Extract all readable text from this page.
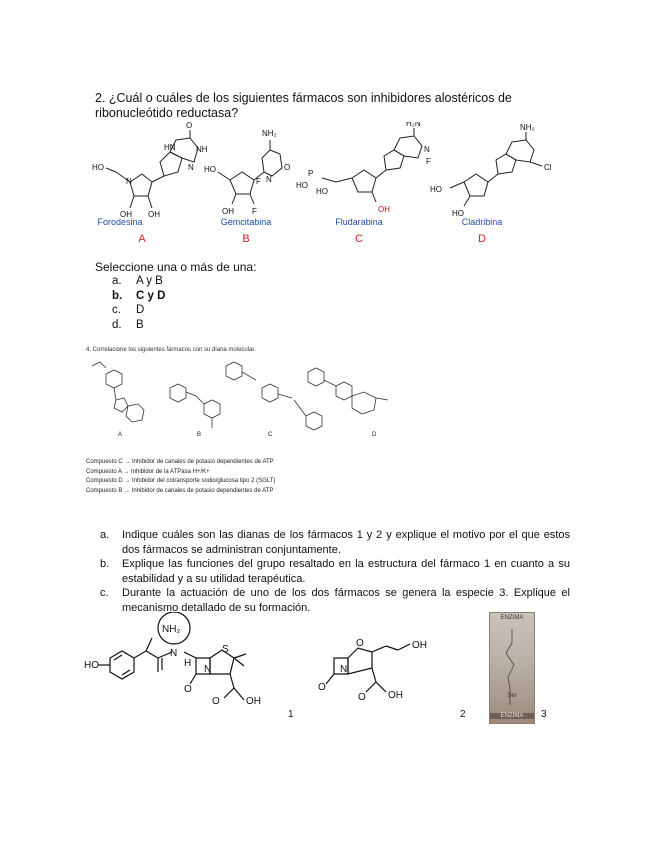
2. ¿Cuál o cuáles de los siguientes fármacos son inhibidores alostéricos de ribonucleótido reductasa?
HO
N
OH OH
HN	NH
O
N HO
OH F
F
NH₂
O
N
HO
P
HO
OH
H₂N
N
F
HO
HO
NH₂
Cl
Forodesina	Gemcitabina	Fludarabina	Cladribina
A	B	C	D
Seleccione una o más de una:
a.	A y B
b.	C y D
c.	D
d.	B
4. Correlacione los siguientes fármacos con su diana molecular.
A	B	C	D
Compuesto C → Inhibidor de canales de potasio dependientes de ATP
Compuesto A → Inhibidor de la ATPasa H+/K+
Compuesto D → Inhibidor del cotransporte sodio/glucosa tipo 2 (SGLT)
Compuesto B → Inhibidor de canales de potasio dependientes de ATP
a.	Indique cuáles son las dianas de los fármacos 1 y 2 y explique el motivo por el que estos dos fármacos se administran conjuntamente.
b.	Explique las funciones del grupo resaltado en la estructura del fármaco 1 en cuanto a su estabilidad y a su utilidad terapéutica.
c.	Durante la actuación de uno de los dos fármacos se genera la especie 3. Explique el mecanismo detallado de su formación.
HO
NH₂
N
H
O
S
N
OH
O
O
N
O	OH
OH
O
1	2	3
ENZIMA
Ser
ENZIMA
